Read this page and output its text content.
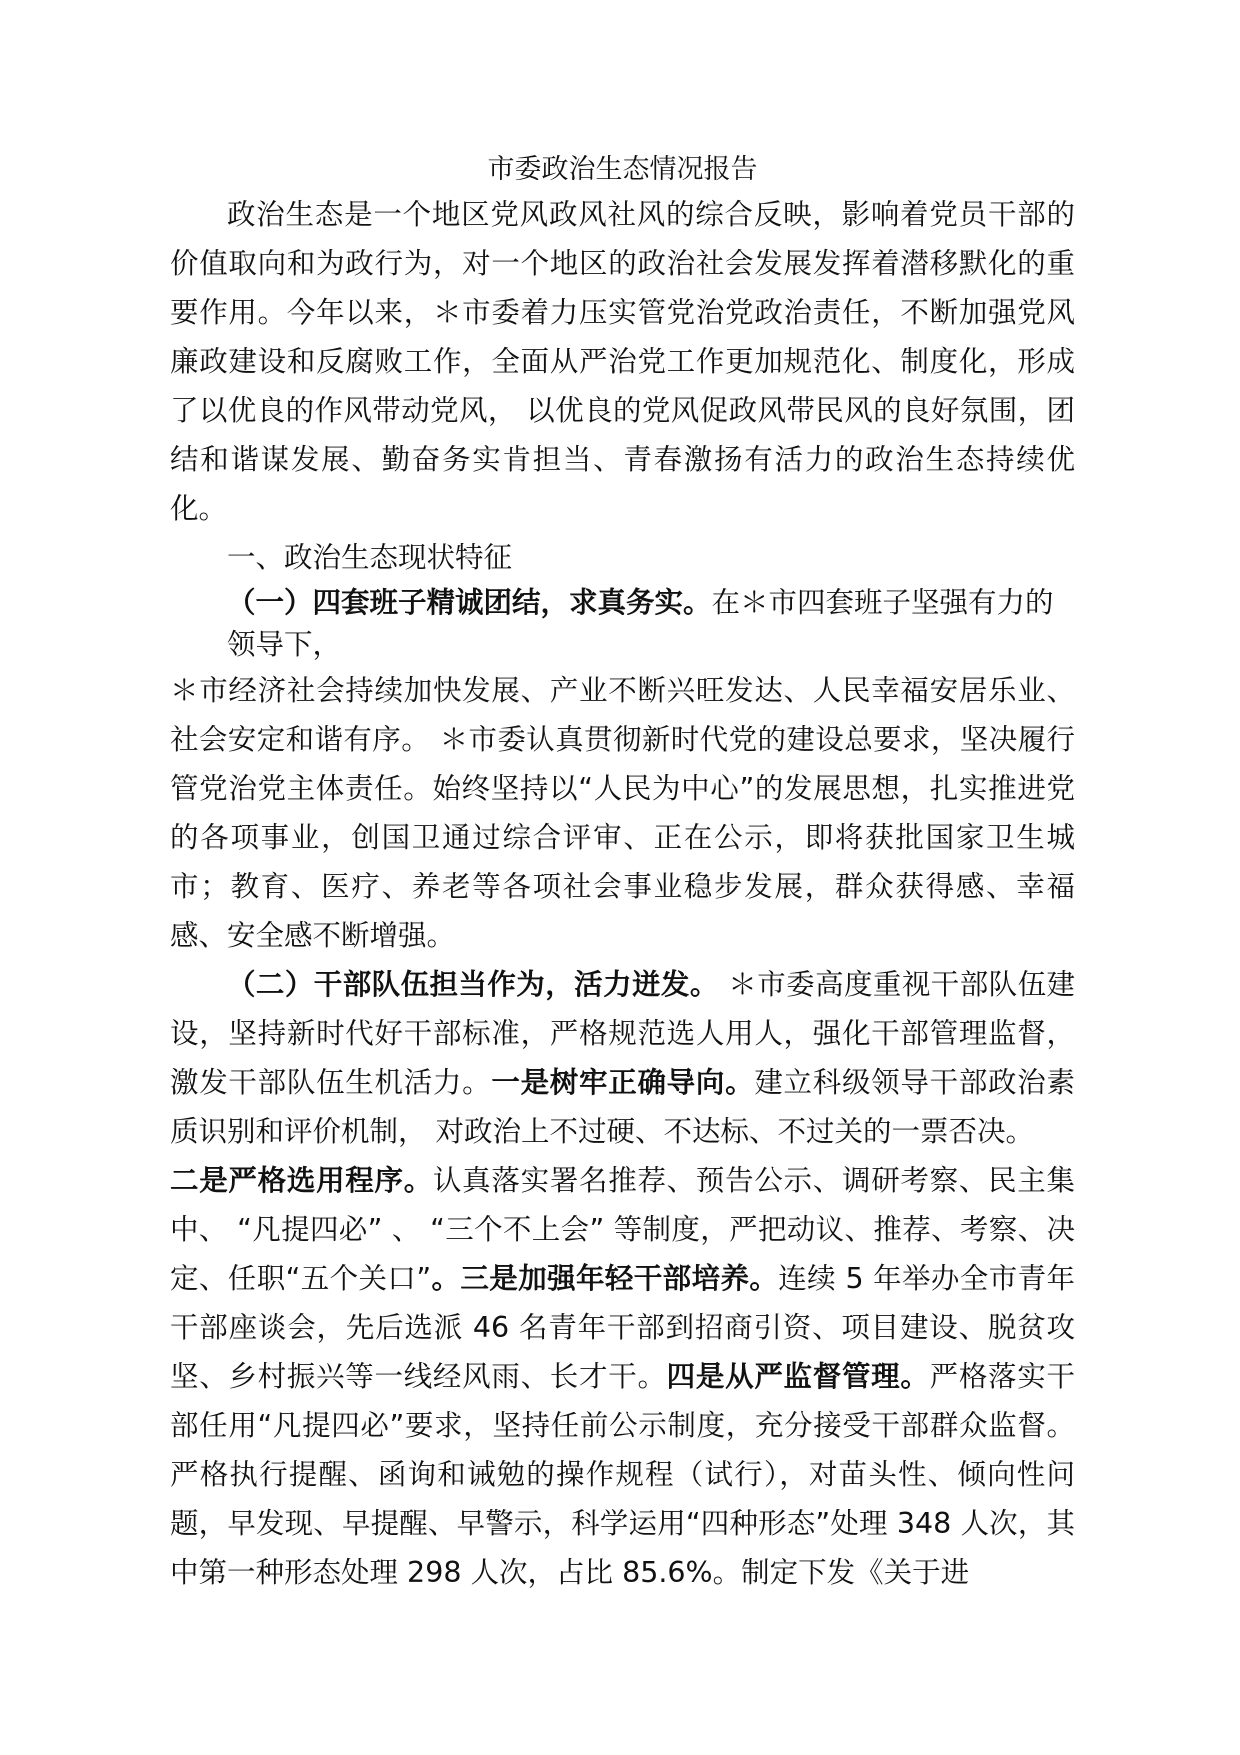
市委政治生态情况报告

政治生态是一个地区党风政风社风的综合反映，影响着党员干部的价值取向和为政行为，对一个地区的政治社会发展发挥着潜移默化的重要作用。今年以来，＊市委着力压实管党治党政治责任，不断加强党风廉政建设和反腐败工作，全面从严治党工作更加规范化、制度化，形成了以优良的作风带动党风， 以优良的党风促政风带民风的良好氛围，团结和谐谋发展、勤奋务实肯担当、青春激扬有活力的政治生态持续优化。

一、政治生态现状特征

（一）四套班子精诚团结，求真务实。在＊市四套班子坚强有力的
领导下，

＊市经济社会持续加快发展、产业不断兴旺发达、人民幸福安居乐业、社会安定和谐有序。 ＊市委认真贯彻新时代党的建设总要求，坚决履行管党治党主体责任。始终坚持以“人民为中心”的发展思想，扎实推进党的各项事业，创国卫通过综合评审、正在公示，即将获批国家卫生城市；教育、医疗、养老等各项社会事业稳步发展，群众获得感、幸福感、安全感不断增强。

（二）干部队伍担当作为，活力迸发。 ＊市委高度重视干部队伍建设，坚持新时代好干部标准，严格规范选人用人，强化干部管理监督，激发干部队伍生机活力。一是树牢正确导向。建立科级领导干部政治素质识别和评价机制， 对政治上不过硬、不达标、不过关的一票否决。
二是严格选用程序。认真落实署名推荐、预告公示、调研考察、民主集中、 “凡提四必” 、 “三个不上会” 等制度，严把动议、推荐、考察、决定、任职“五个关口”。三是加强年轻干部培养。连续 5 年举办全市青年干部座谈会，先后选派 46 名青年干部到招商引资、项目建设、脱贫攻坚、乡村振兴等一线经风雨、长才干。四是从严监督管理。严格落实干部任用“凡提四必”要求，坚持任前公示制度，充分接受干部群众监督。严格执行提醒、函询和诫勉的操作规程（试行），对苗头性、倾向性问题，早发现、早提醒、早警示，科学运用“四种形态”处理 348 人次，其中第一种形态处理 298 人次，占比 85.6%。制定下发《关于进
